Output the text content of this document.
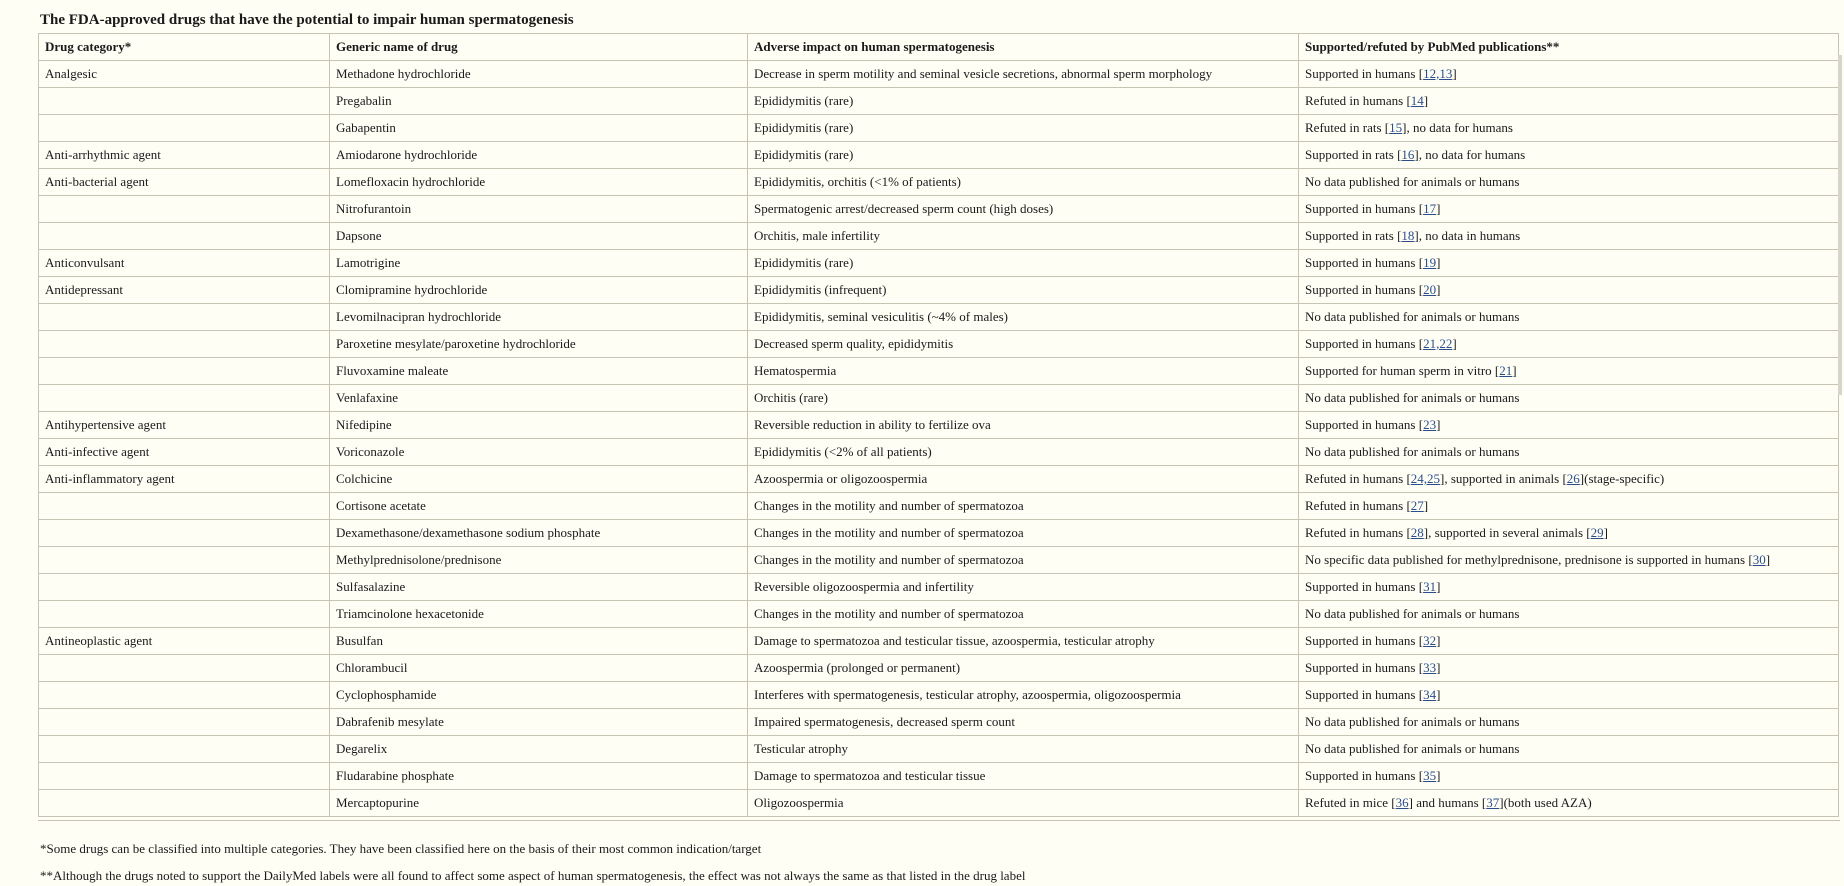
The FDA-approved drugs that have the potential to impair human spermatogenesis
Drug category*	Generic name of drug	Adverse impact on human spermatogenesis	Supported/refuted by PubMed publications**
Analgesic	Methadone hydrochloride	Decrease in sperm motility and seminal vesicle secretions, abnormal sperm morphology	Supported in humans [12,13]
	Pregabalin	Epididymitis (rare)	Refuted in humans [14]
	Gabapentin	Epididymitis (rare)	Refuted in rats [15], no data for humans
Anti-arrhythmic agent	Amiodarone hydrochloride	Epididymitis (rare)	Supported in rats [16], no data for humans
Anti-bacterial agent	Lomefloxacin hydrochloride	Epididymitis, orchitis (<1% of patients)	No data published for animals or humans
	Nitrofurantoin	Spermatogenic arrest/decreased sperm count (high doses)	Supported in humans [17]
	Dapsone	Orchitis, male infertility	Supported in rats [18], no data in humans
Anticonvulsant	Lamotrigine	Epididymitis (rare)	Supported in humans [19]
Antidepressant	Clomipramine hydrochloride	Epididymitis (infrequent)	Supported in humans [20]
	Levomilnacipran hydrochloride	Epididymitis, seminal vesiculitis (~4% of males)	No data published for animals or humans
	Paroxetine mesylate/paroxetine hydrochloride	Decreased sperm quality, epididymitis	Supported in humans [21,22]
	Fluvoxamine maleate	Hematospermia	Supported for human sperm in vitro [21]
	Venlafaxine	Orchitis (rare)	No data published for animals or humans
Antihypertensive agent	Nifedipine	Reversible reduction in ability to fertilize ova	Supported in humans [23]
Anti-infective agent	Voriconazole	Epididymitis (<2% of all patients)	No data published for animals or humans
Anti-inflammatory agent	Colchicine	Azoospermia or oligozoospermia	Refuted in humans [24,25], supported in animals [26](stage-specific)
	Cortisone acetate	Changes in the motility and number of spermatozoa	Refuted in humans [27]
	Dexamethasone/dexamethasone sodium phosphate	Changes in the motility and number of spermatozoa	Refuted in humans [28], supported in several animals [29]
	Methylprednisolone/prednisone	Changes in the motility and number of spermatozoa	No specific data published for methylprednisone, prednisone is supported in humans [30]
	Sulfasalazine	Reversible oligozoospermia and infertility	Supported in humans [31]
	Triamcinolone hexacetonide	Changes in the motility and number of spermatozoa	No data published for animals or humans
Antineoplastic agent	Busulfan	Damage to spermatozoa and testicular tissue, azoospermia, testicular atrophy	Supported in humans [32]
	Chlorambucil	Azoospermia (prolonged or permanent)	Supported in humans [33]
	Cyclophosphamide	Interferes with spermatogenesis, testicular atrophy, azoospermia, oligozoospermia	Supported in humans [34]
	Dabrafenib mesylate	Impaired spermatogenesis, decreased sperm count	No data published for animals or humans
	Degarelix	Testicular atrophy	No data published for animals or humans
	Fludarabine phosphate	Damage to spermatozoa and testicular tissue	Supported in humans [35]
	Mercaptopurine	Oligozoospermia	Refuted in mice [36] and humans [37](both used AZA)
*Some drugs can be classified into multiple categories. They have been classified here on the basis of their most common indication/target
**Although the drugs noted to support the DailyMed labels were all found to affect some aspect of human spermatogenesis, the effect was not always the same as that listed in the drug label
